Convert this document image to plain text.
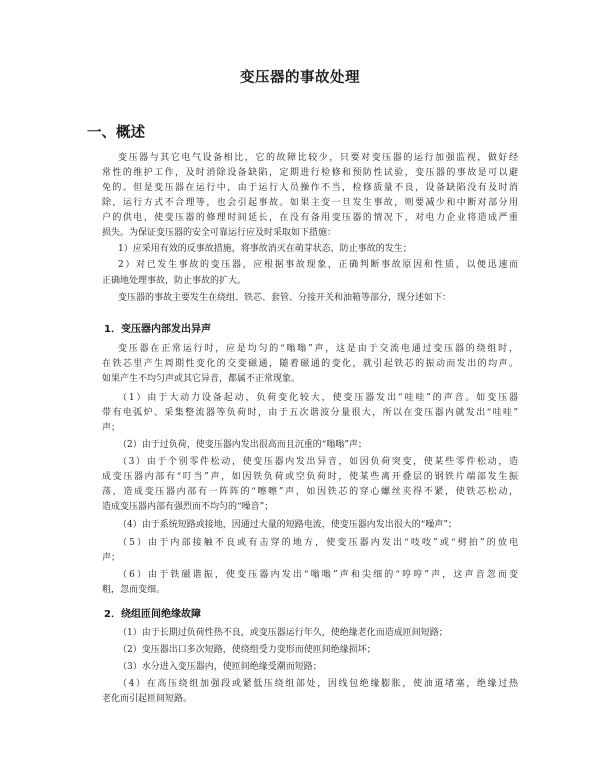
变压器的事故处理
一、概述
变压器与其它电气设备相比，它的故障比较少，只要对变压器的运行加强监视，做好经
常性的维护工作，及时消除设备缺陷，定期进行检修和预防性试验，变压器的事故是可以避
免的。但是变压器在运行中，由于运行人员操作不当，检修质量不良，设备缺陷没有及时消
除，运行方式不合理等，也会引起事故。如果主变一旦发生事故，则要减少和中断对部分用
户的供电，使变压器的修理时间延长，在没有备用变压器的情况下，对电力企业将造成严重
损失。为保证变压器的安全可靠运行应及时采取如下措施：
1）应采用有效的反事故措施，将事故消灭在萌芽状态，防止事故的发生；
2）对已发生事故的变压器，应根据事故现象，正确判断事故原因和性质，以便迅速而
正确地处理事故，防止事故的扩大。
变压器的事故主要发生在绕组、铁芯、套管、分接开关和油箱等部分，现分述如下：
1．变压器内部发出异声
变压器在正常运行时，应是均匀的“嗡嗡”声，这是由于交流电通过变压器的绕组时，
在铁芯里产生周期性变化的交变磁通，随着磁通的变化，就引起铁芯的振动而发出的均声。
如果产生不均匀声或其它异音，都属不正常现象。
（1）由于大动力设备起动，负荷变化较大，使变压器发出“哇哇”的声音。如变压器
带有电弧炉、采集整流器等负荷时，由于五次谐波分量很大，所以在变压器内就发出“哇哇”
声；
（2）由于过负荷，使变压器内发出很高而且沉重的“嗡嗡”声；
（3）由于个别零件松动，使变压器内发出异音，如因负荷突变，使某些零件松动，造
成变压器内部有“叮当”声，如因铁负荷或空负荷时，使某些离开叠层的钢铁片端部发生振
荡，造成变压器内部有一阵阵的“嚓嚓”声，如因铁芯的穿心螺丝夹得不紧，使铁芯松动，
造成变压器内部有强烈而不均匀的“噪音”；
（4）由于系统短路或接地，因通过大量的短路电流，使变压器内发出很大的“噪声”；
（5）由于内部接触不良或有击穿的地方，使变压器内发出“吱吱”或“劈拍”的放电
声；
（6）由于铁磁谐振，使变压器内发出“嗡嗡”声和尖细的“哼哼”声，这声音忽而变
粗，忽而变细。
2．绕组匝间绝缘故障
（1）由于长期过负荷性热不良，或变压器运行年久，使绝缘老化而造成匝间短路；
（2）变压器出口多次短路，使绕组受力变形而使匝间绝缘损坏；
（3）水分进入变压器内，使匝间绝缘受潮而短路；
（4）在高压绕组加强段或紧低压绕组部处，因线包绝缘膨胀，使油道堵塞，绝缘过热
老化而引起匝间短路。
